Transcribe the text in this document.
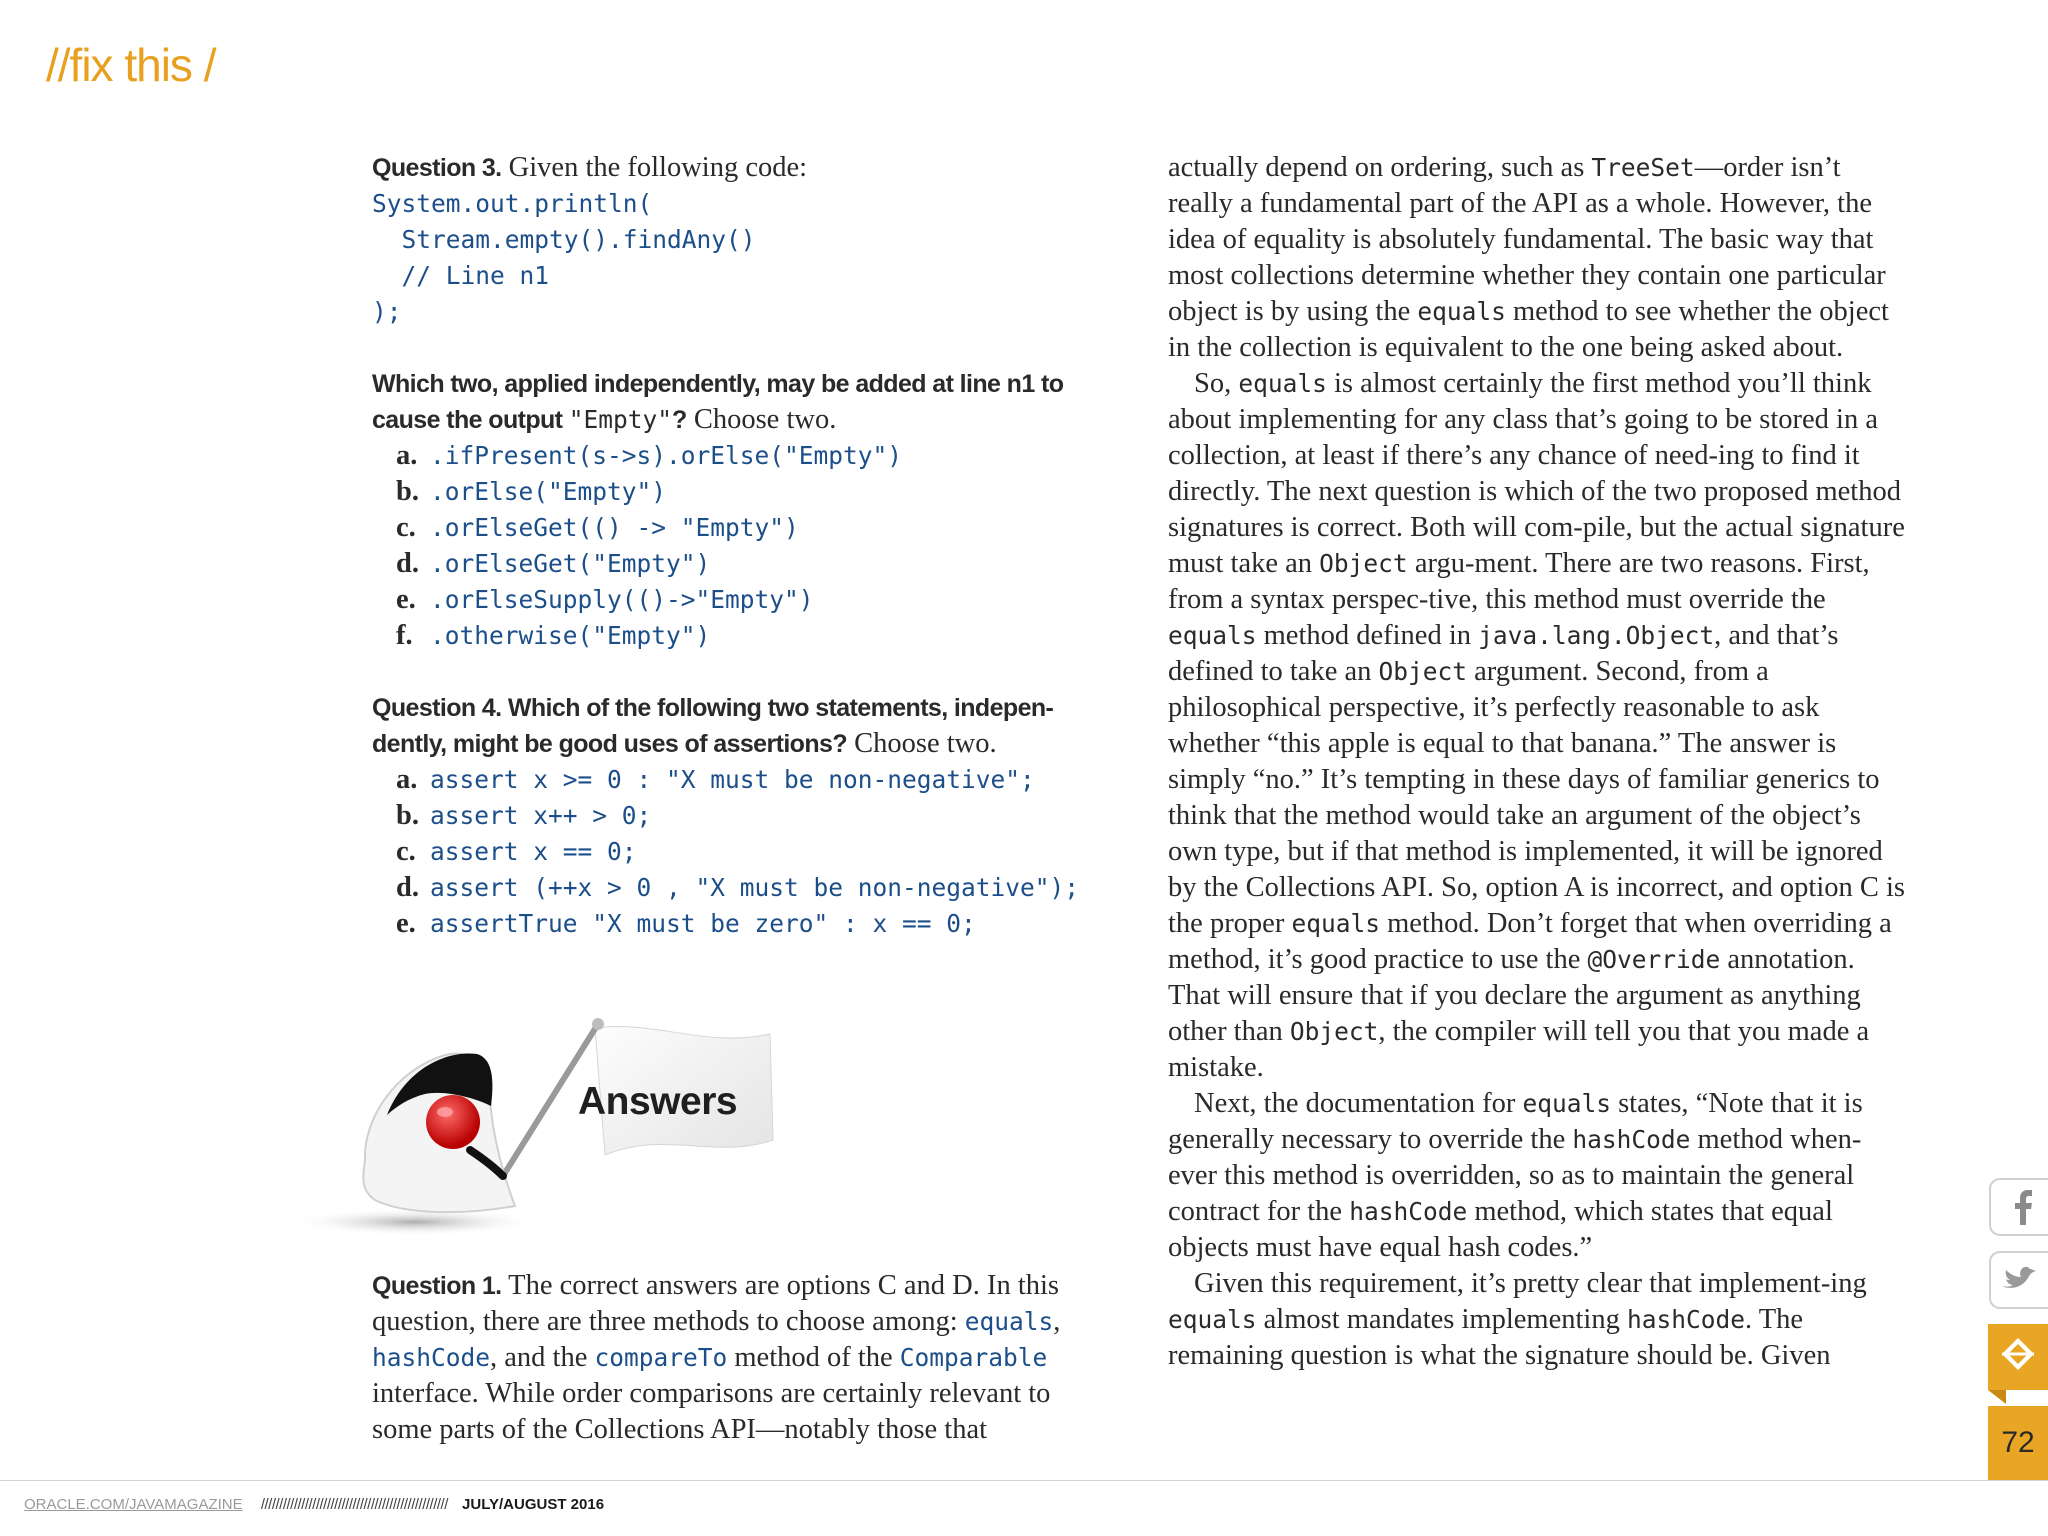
//fix this /

Question 3. Given the following code:

System.out.println(
Stream.empty().findAny()
// Line n1
);

Which two, applied independently, may be added at line n1 to cause the output "Empty"? Choose two.

a. .ifPresent(s->s).orElse("Empty")
b. .orElse("Empty")
c. .orElseGet(() -> "Empty")
d. .orElseGet("Empty")
e. .orElseSupply(()->"Empty")
f. .otherwise("Empty")

Question 4. Which of the following two statements, indepen-dently, might be good uses of assertions? Choose two.

a. assert x >= 0 : "X must be non-negative";
b. assert x++ > 0;
c. assert x == 0;
d. assert (++x > 0 , "X must be non-negative");
e. assertTrue "X must be zero" : x == 0;
Answers

Question 1. The correct answers are options C and D. In this question, there are three methods to choose among: equals, hashCode, and the compareTo method of the Comparable interface. While order comparisons are certainly relevant to some parts of the Collections API—notably those that

actually depend on ordering, such as TreeSet—order isn’t really a fundamental part of the API as a whole. However, the idea of equality is absolutely fundamental. The basic way that most collections determine whether they contain one particular object is by using the equals method to see whether the object in the collection is equivalent to the one being asked about.

So, equals is almost certainly the first method you’ll think about implementing for any class that’s going to be stored in a collection, at least if there’s any chance of need-ing to find it directly. The next question is which of the two proposed method signatures is correct. Both will com-pile, but the actual signature must take an Object argu-ment. There are two reasons. First, from a syntax perspec-tive, this method must override the equals method defined in java.lang.Object, and that’s defined to take an Object argument. Second, from a philosophical perspective, it’s perfectly reasonable to ask whether “this apple is equal to that banana.” The answer is simply “no.” It’s tempting in these days of familiar generics to think that the method would take an argument of the object’s own type, but if that method is implemented, it will be ignored by the Collections API. So, option A is incorrect, and option C is the proper equals method. Don’t forget that when overriding a method, it’s good practice to use the @Override annotation. That will ensure that if you declare the argument as anything other than Object, the compiler will tell you that you made a mistake.

Next, the documentation for equals states, “Note that it is generally necessary to override the hashCode method when-ever this method is overridden, so as to maintain the general contract for the hashCode method, which states that equal objects must have equal hash codes.”

Given this requirement, it’s pretty clear that implement-ing equals almost mandates implementing hashCode. The remaining question is what the signature should be. Given

72
ORACLE.COM/JAVAMAGAZINE /////////////////////////////////////////////////// JULY/AUGUST 2016
